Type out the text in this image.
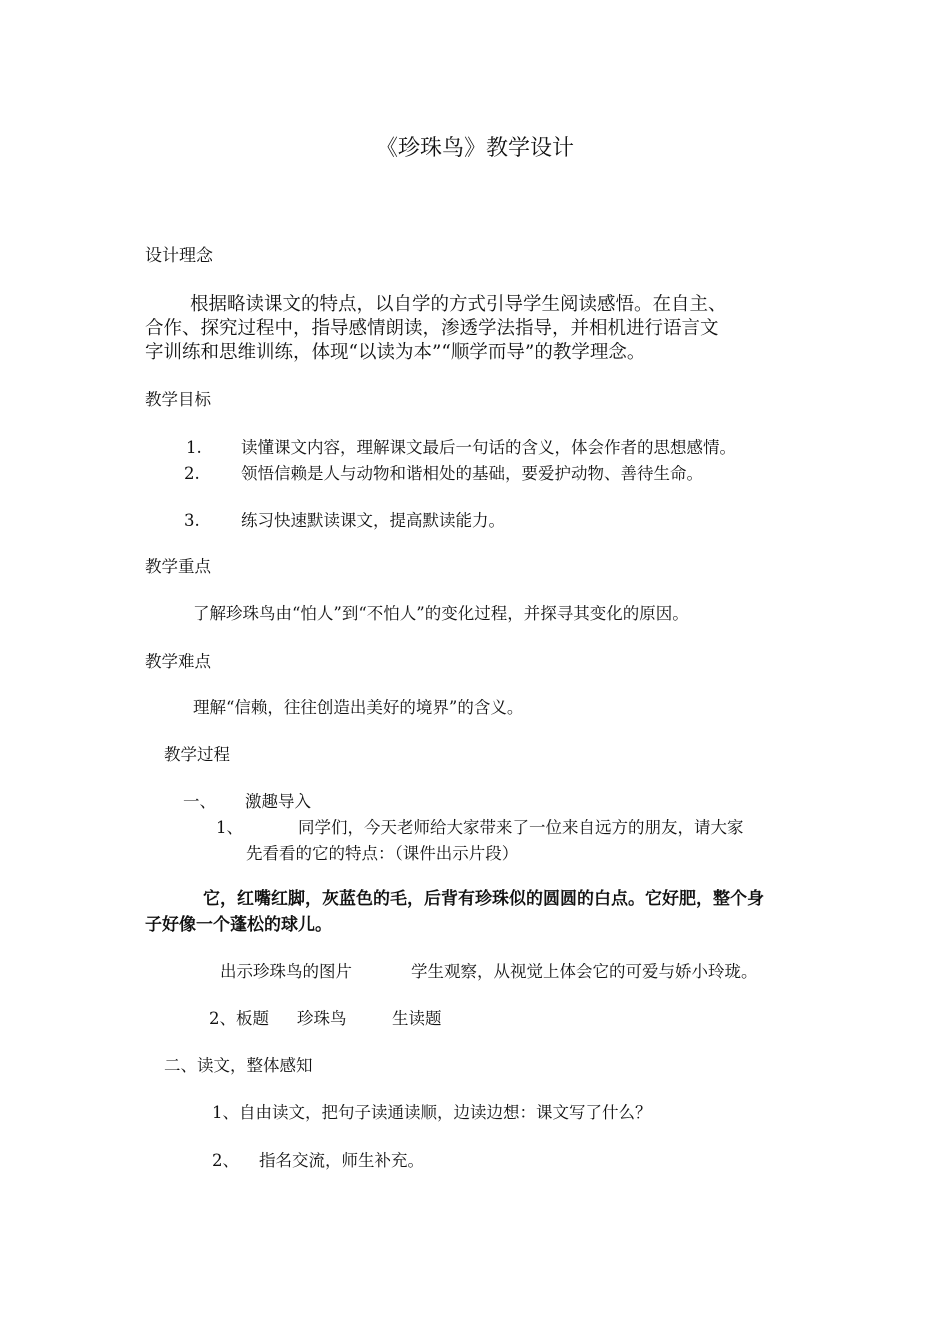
《珍珠鸟》教学设计
设计理念
根据略读课文的特点，以自学的方式引导学生阅读感悟。在自主、
合作、探究过程中，指导感情朗读，渗透学法指导，并相机进行语言文
字训练和思维训练，体现“以读为本”“顺学而导”的教学理念。
教学目标
1. 读懂课文内容，理解课文最后一句话的含义，体会作者的思想感情。
2.	领悟信赖是人与动物和谐相处的基础，要爱护动物、善待生命。
3.	练习快速默读课文，提高默读能力。
教学重点
了解珍珠鸟由“怕人”到“不怕人”的变化过程，并探寻其变化的原因。
教学难点
理解“信赖，往往创造出美好的境界”的含义。
教学过程
一、 激趣导入
1、	同学们，今天老师给大家带来了一位来自远方的朋友，请大家
先看看的它的特点：（课件出示片段）
它，红嘴红脚，灰蓝色的毛，后背有珍珠似的圆圆的白点。它好肥，整个身
子好像一个蓬松的球儿。
出示珍珠鸟的图片	学生观察，从视觉上体会它的可爱与娇小玲珑。
2、板题 珍珠鸟	生读题
二、读文，整体感知
1、自由读文，把句子读通读顺，边读边想：课文写了什么？
2、 指名交流，师生补充。
